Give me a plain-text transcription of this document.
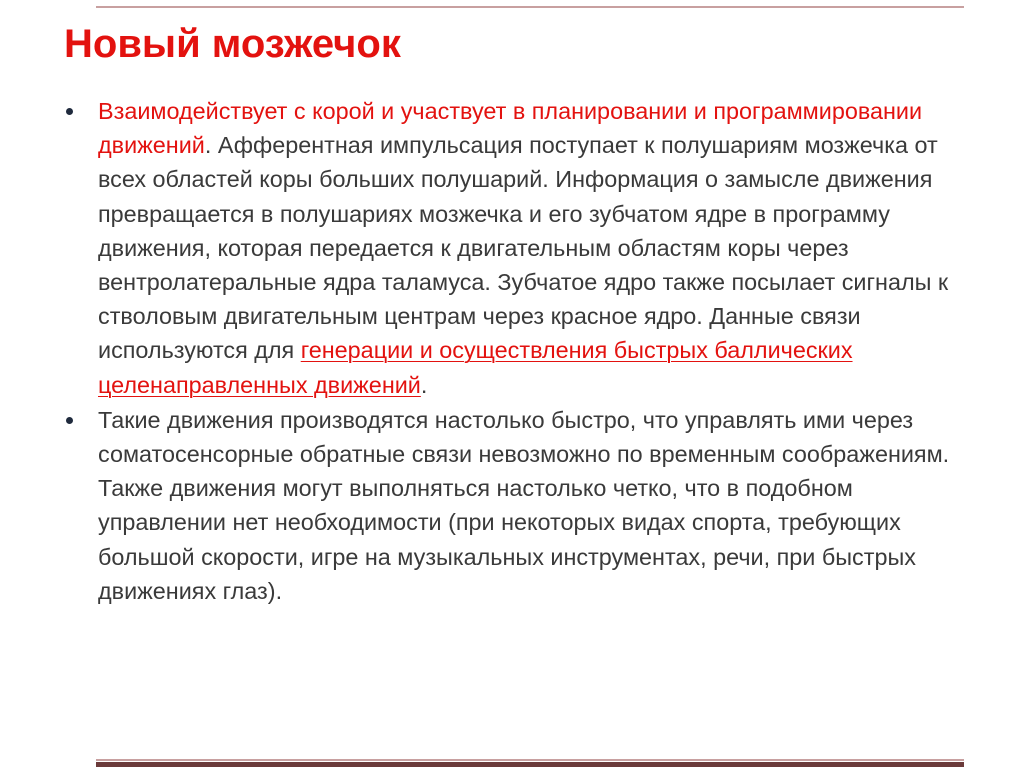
Новый мозжечок
Взаимодействует с корой и участвует в планировании и программировании движений. Афферентная импульсация поступает к полушариям мозжечка от всех областей коры больших полушарий. Информация о замысле движения превращается в полушариях мозжечка и его зубчатом ядре в программу движения, которая передается к двигательным областям коры через вентролатеральные ядра таламуса. Зубчатое ядро также посылает сигналы к стволовым двигательным центрам через красное ядро. Данные связи используются для генерации и осуществления быстрых баллических целенаправленных движений.
Такие движения производятся настолько быстро, что управлять ими через соматосенсорные обратные связи невозможно по временным соображениям. Также движения могут выполняться настолько четко, что в подобном управлении нет необходимости (при некоторых видах спорта, требующих большой скорости, игре на музыкальных инструментах, речи, при быстрых движениях глаз).
